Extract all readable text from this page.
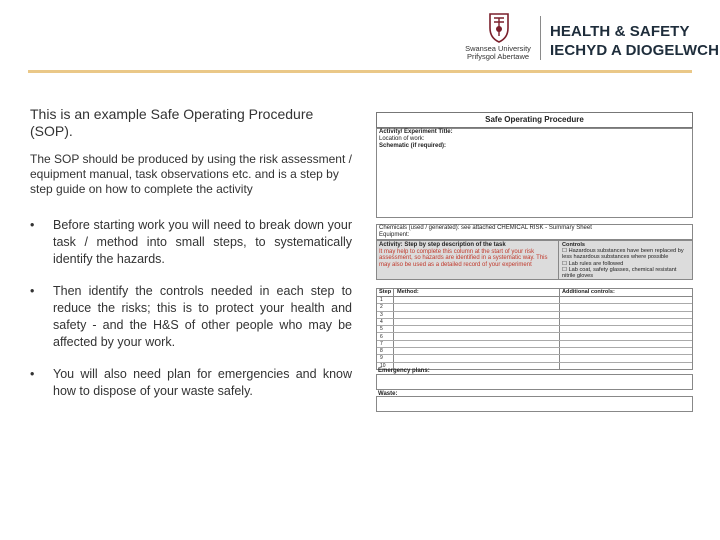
Swansea University
Prifysgol Abertawe
HEALTH & SAFETY
IECHYD A DIOGELWCH

This is an example Safe Operating Procedure (SOP).

The SOP should be produced by using the risk assessment / equipment manual, task observations etc. and is a step by step guide on how to complete the activity

• Before starting work you will need to break down your task / method into small steps, to systematically identify the hazards.
• Then identify the controls needed in each step to reduce the risks; this is to protect your health and safety - and the H&S of other people who may be affected by your work.
• You will also need plan for emergencies and know how to dispose of your waste safely.
Safe Operating Procedure
Activity/ Experiment Title:
Location of work:
Schematic (if required):
Chemicals (used / generated): see attached CHEMICAL RISK - Summary Sheet
Equipment:
Activity: Step by step description of the task
It may help to complete this column at the start of your risk assessment, so hazards are identified in a systematic way. This may also be used as a detailed record of your experiment
Controls
☐ Hazardous substances have been replaced by less hazardous substances where possible
☐ Lab rules are followed
☐ Lab coat, safety glasses, chemical resistant nitrile gloves
Step Method:	Additional controls:
1
2
3
4
5
6
7
8
9
10
Emergency plans:
Waste:
